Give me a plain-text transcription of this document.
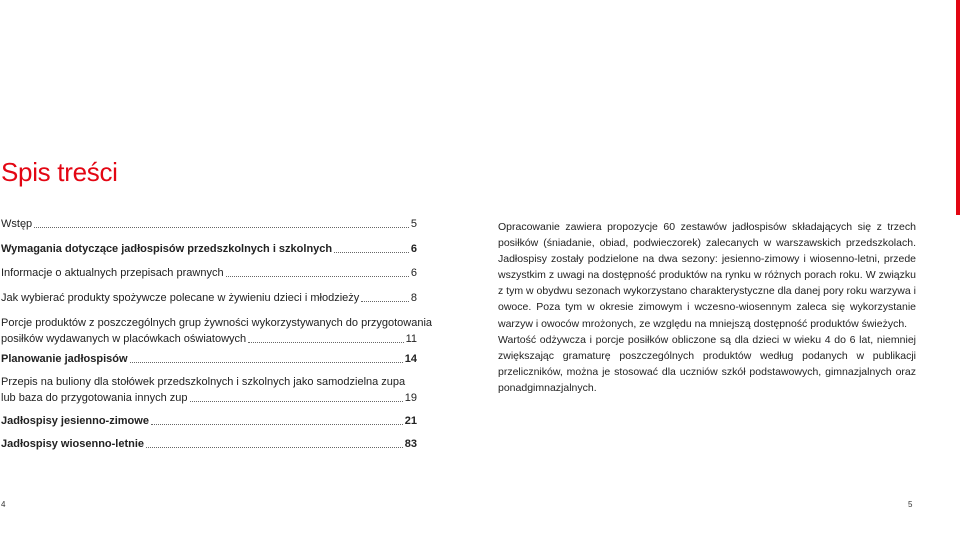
Spis treści
Wstęp	5
Wymagania dotyczące jadłospisów przedszkolnych i szkolnych	6
Informacje o aktualnych przepisach prawnych	6
Jak wybierać produkty spożywcze polecane w żywieniu dzieci i młodzieży	8
Porcje produktów z poszczególnych grup żywności wykorzystywanych do przygotowania
posiłków wydawanych w placówkach oświatowych	11
Planowanie jadłospisów	14
Przepis na buliony dla stołówek przedszkolnych i szkolnych jako samodzielna zupa
lub baza do przygotowania innych zup	19
Jadłospisy jesienno-zimowe	21
Jadłospisy wiosenno-letnie	83

Opracowanie zawiera propozycje 60 zestawów jadłospisów składających się z trzech posiłków (śniadanie, obiad, podwieczorek) zalecanych w warszawskich przedszkolach. Jadłospisy zostały podzielone na dwa sezony: jesienno-zimowy i wiosenno-letni, przede wszystkim z uwagi na dostępność produktów na rynku w różnych porach roku. W związku z tym w obydwu sezonach wykorzystano charakterystyczne dla danej pory roku warzywa i owoce. Poza tym w okresie zimowym i wczesno-wiosennym zaleca się wykorzystanie warzyw i owoców mrożonych, ze względu na mniejszą dostępność produktów świeżych.

Wartość odżywcza i porcje posiłków obliczone są dla dzieci w wieku 4 do 6 lat, niemniej zwiększając gramaturę poszczególnych produktów według podanych w publikacji przeliczników, można je stosować dla uczniów szkół podstawowych, gimnazjalnych oraz ponadgimnazjalnych.

4	5
